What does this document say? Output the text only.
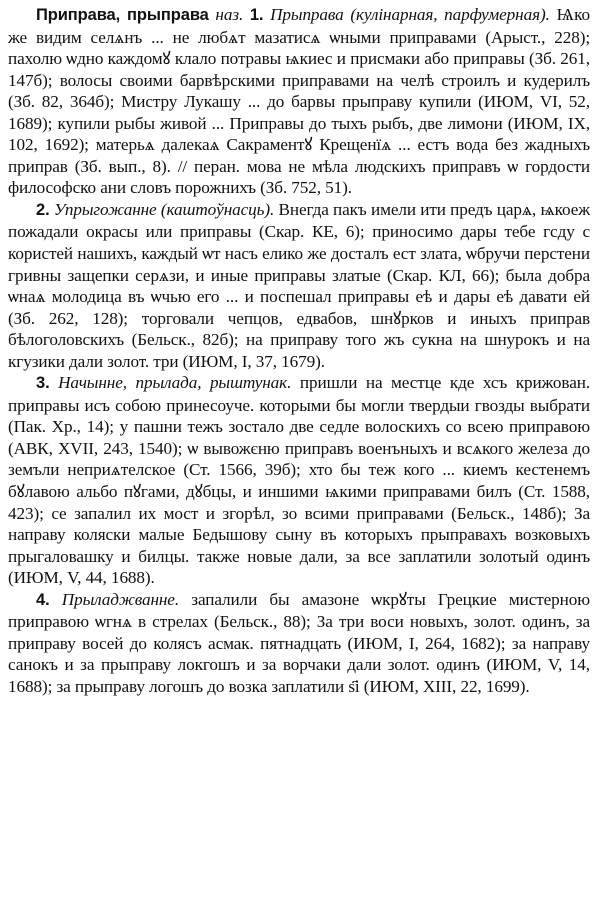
Приправа, прыправа наз. 1. Прыправа (кулінарная, парфумерная). Ѩко же видим селѧнъ ... не любѧт мазатисѧ ѡными приправами (Арыст., 228); пахолю ѡдно каждомꙋ клало потравы ѩкиес и присмаки або приправы (Зб. 261, 147б); волосы своими барвѣрскими приправами на челѣ строилъ и кудерилъ (Зб. 82, 364б); Мистру Лукашу ... до барвы прыправу купили (ИЮМ, VI, 52, 1689); купили рыбы живой ... Приправы до тыхъ рыбъ, две лимони (ИЮМ, IX, 102, 1692); матерьѧ далекаѧ Сакраментꙋ Крещенїѧ ... естъ вода без жадныхъ приправ (Зб. вып., 8). // перан. мова не мѣла людскихъ приправъ ѡ гордости философско ани словъ порожнихъ (Зб. 752, 51).

2. Упрыгожанне (каштоўнасць). Внегда пакъ имели ити предъ царѧ, ѩкоеж пожадали окрасы или приправы (Скар. КЕ, 6); приносимо дары тебе гсду с користей нашихъ, каждый ѡт насъ елико же досталъ ест злата, ѡбручи перстени гривны защепки серѧзи, и иные приправы златые (Скар. КЛ, 66); была добра ѡнаѧ молодица въ ѡчью его ... и поспешал приправы еѣ и дары еѣ давати ей (Зб. 262, 128); торговали чепцов, едвабов, шнꙋрков и иныхъ приправ бѣлоголовскихъ (Бельск., 82б); на приправу того жъ сукна на шнурокъ и на кгузики дали золот. три (ИЮМ, I, 37, 1679).

3. Начынне, прылада, рыштунак. пришли на местце кде хсъ крижован. приправы исъ собою принесоуче. которыми бы могли твердыи гвозды выбрати (Пак. Хр., 14); у пашни тежъ зостало две седле волоскихъ со всею приправою (АВК, XVII, 243, 1540); ѡ вывожєню приправъ военъныхъ и всѧкого железа до земъли неприѧтелское (Ст. 1566, 39б); хто бы теж кого ... киемъ кестенемъ бꙋлавою альбо пꙋгами, дꙋбцы, и иншими ѩкими приправами билъ (Ст. 1588, 423); се запалил их мост и згорѣл, зо всими приправами (Бельск., 148б); За направу коляски малые Бедышову сыну въ которыхъ прыправахъ возковыхъ прыгаловашку и билцы. также новые дали, за все заплатили золотый одинъ (ИЮМ, V, 44, 1688).

4. Прыладжванне. запалили бы амазоне ѡкрꙋты Грецкие мистерною приправою ѡгнѧ в стрелах (Бельск., 88); За три воси новыхъ, золот. одинъ, за приправу восей до колясъ асмак. пятнадцать (ИЮМ, I, 264, 1682); за направу санокъ и за прыправу локгошъ и за ворчаки дали золот. одинъ (ИЮМ, V, 14, 1688); за прыправу логошъ до возка заплатили ѕ҃і (ИЮМ, XIII, 22, 1699).
